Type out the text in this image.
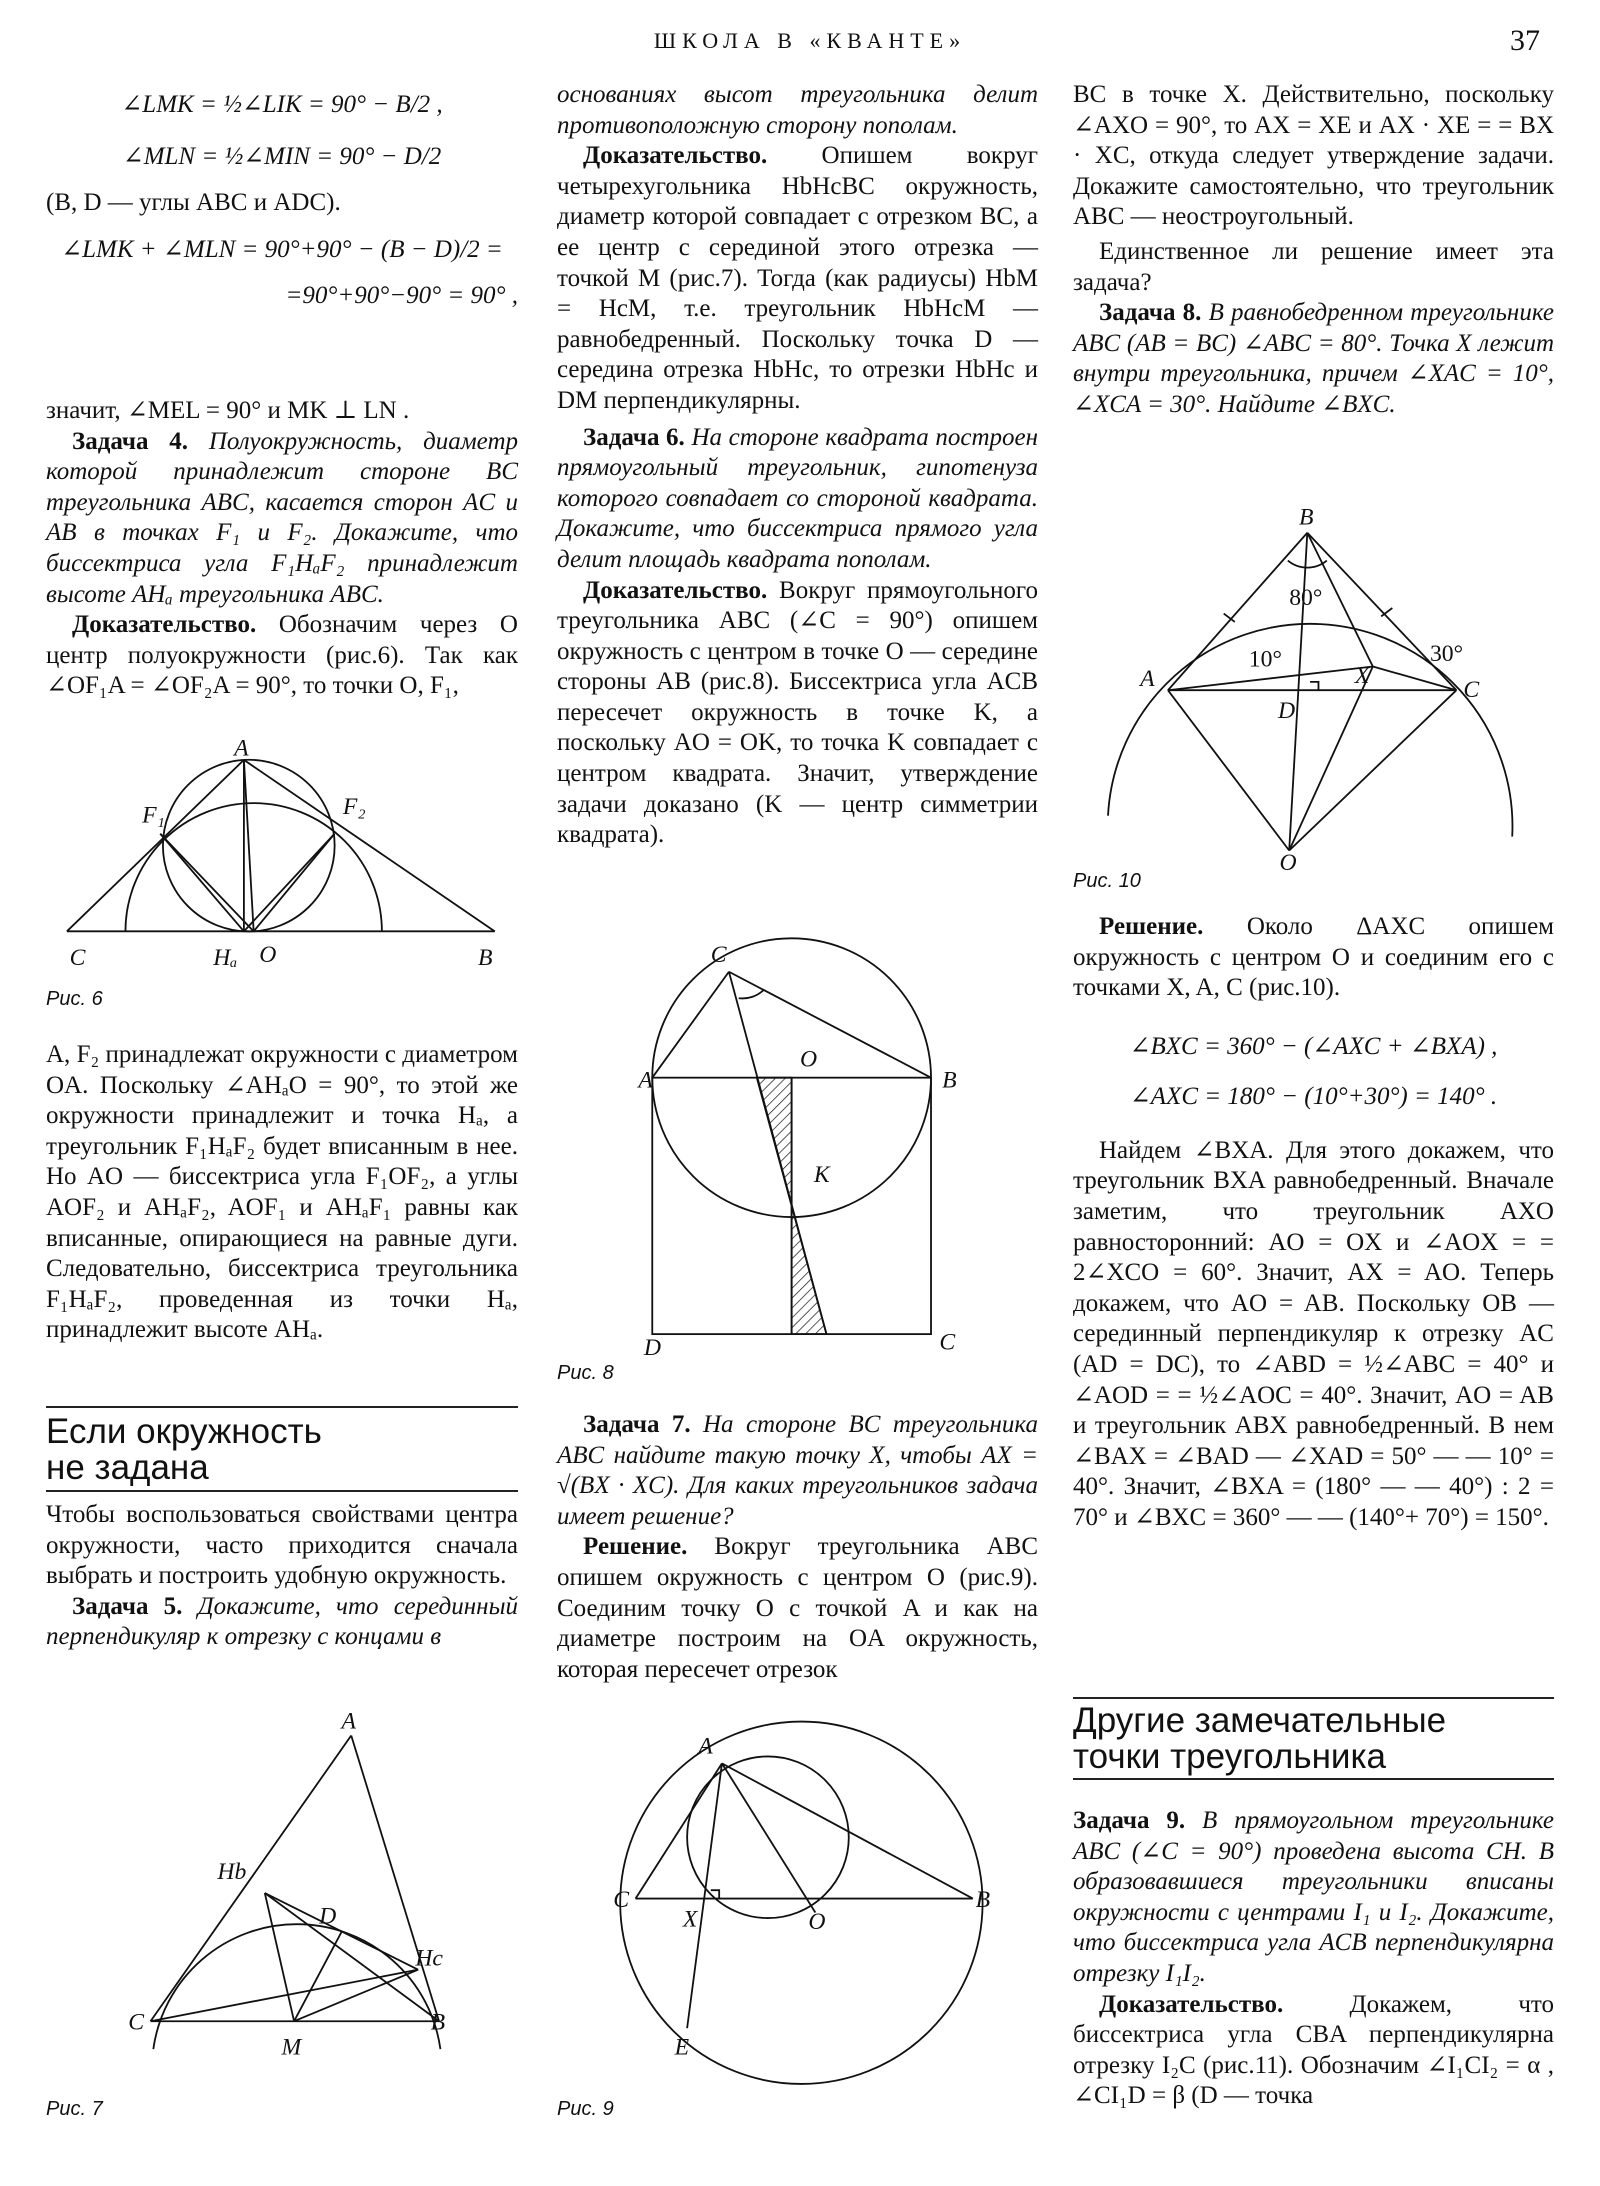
ШКОЛА В «КВАНТЕ»	37
∠LMK = ½∠LIK = 90° − B/2 ,
∠MLN = ½∠MIN = 90° − D/2

(B, D — углы ABC и ADC).

∠LMK + ∠MLN = 90°+90° − (B − D)/2 =
=90°+90°−90° = 90° ,

значит, ∠MEL = 90° и MK ⊥ LN .

Задача 4. Полуокружность, диаметр которой принадлежит стороне BC треугольника ABC, касается сторон AC и AB в точках F₁ и F₂. Докажите, что биссектриса угла F₁HₐF₂ принадлежит высоте AHₐ треугольника ABC.

Доказательство. Обозначим через O центр полуокружности (рис.6). Так как ∠OF₁A = ∠OF₂A = 90°, то точки O, F₁,

Рис. 6

A, F₂ принадлежат окружности с диаметром OA. Поскольку ∠AHₐO = 90°, то этой же окружности принадлежит и точка Hₐ, а треугольник F₁HₐF₂ будет вписанным в нее. Но AO — биссектриса угла F₁OF₂, а углы AOF₂ и AHₐF₂, AOF₁ и AHₐF₁ равны как вписанные, опирающиеся на равные дуги. Следовательно, биссектриса треугольника F₁HₐF₂, проведенная из точки Hₐ, принадлежит высоте AHₐ.

Если окружность
не задана

Чтобы воспользоваться свойствами центра окружности, часто приходится сначала выбрать и построить удобную окружность.

Задача 5. Докажите, что серединный перпендикуляр к отрезку с концами в

Рис. 7

основаниях высот треугольника делит противоположную сторону пополам.

Доказательство. Опишем вокруг четырехугольника HbHcBC окружность, диаметр которой совпадает с отрезком BC, а ее центр с серединой этого отрезка — точкой M (рис.7). Тогда (как радиусы) HbM = HcM, т.е. треугольник HbHcM — равнобедренный. Поскольку точка D — середина отрезка HbHc, то отрезки HbHc и DM перпендикулярны.

Задача 6. На стороне квадрата построен прямоугольный треугольник, гипотенуза которого совпадает со стороной квадрата. Докажите, что биссектриса прямого угла делит площадь квадрата пополам.

Доказательство. Вокруг прямоугольного треугольника ABC (∠C = 90°) опишем окружность с центром в точке O — середине стороны AB (рис.8). Биссектриса угла ACB пересечет окружность в точке K, а поскольку AO = OK, то точка K совпадает с центром квадрата. Значит, утверждение задачи доказано (K — центр симметрии квадрата).

Рис. 8

Задача 7. На стороне BC треугольника ABC найдите такую точку X, чтобы AX = √(BX · XC). Для каких треугольников задача имеет решение?

Решение. Вокруг треугольника ABC опишем окружность с центром O (рис.9). Соединим точку O с точкой A и как на диаметре построим на OA окружность, которая пересечет отрезок

Рис. 9

BC в точке X. Действительно, поскольку ∠AXO = 90°, то AX = XE и AX · XE = = BX · XC, откуда следует утверждение задачи. Докажите самостоятельно, что треугольник ABC — неостроугольный.

Единственное ли решение имеет эта задача?

Задача 8. В равнобедренном треугольнике ABC (AB = BC) ∠ABC = 80°. Точка X лежит внутри треугольника, причем ∠XAC = 10°, ∠XCA = 30°. Найдите ∠BXC.

Рис. 10

Решение. Около ΔAXC опишем окружность с центром O и соединим его с точками X, A, C (рис.10).

∠BXC = 360° − (∠AXC + ∠BXA) ,
∠AXC = 180° − (10°+30°) = 140° .

Найдем ∠BXA. Для этого докажем, что треугольник BXA равнобедренный. Вначале заметим, что треугольник AXO равносторонний: AO = OX и ∠AOX = = 2∠XCO = 60°. Значит, AX = AO. Теперь докажем, что AO = AB. Поскольку OB — серединный перпендикуляр к отрезку AC (AD = DC), то ∠ABD = ½∠ABC = 40° и ∠AOD = = ½∠AOC = 40°. Значит, AO = AB и треугольник ABX равнобедренный. В нем ∠BAX = ∠BAD — ∠XAD = 50° — — 10° = 40°. Значит, ∠BXA = (180° — — 40°) : 2 = 70° и ∠BXC = 360° — — (140°+ 70°) = 150°.

Другие замечательные
точки треугольника

Задача 9. В прямоугольном треугольнике ABC (∠C = 90°) проведена высота CH. В образовавшиеся треугольники вписаны окружности с центрами I₁ и I₂. Докажите, что биссектриса угла ACB перпендикулярна отрезку I₁I₂.

Доказательство.	Докажем, что биссектриса угла CBA перпендикулярна отрезку I₂C (рис.11). Обозначим ∠I₁CI₂ = α , ∠CI₁D = β (D — точка

A
F₁	F₂
C	Hₐ O	B	C
A
O
B
K
D	C
B
80°
10°	30°
A	X
C
D
O
A
C
X	O
B
E
A
Hb
D
Hc
C
M
B
